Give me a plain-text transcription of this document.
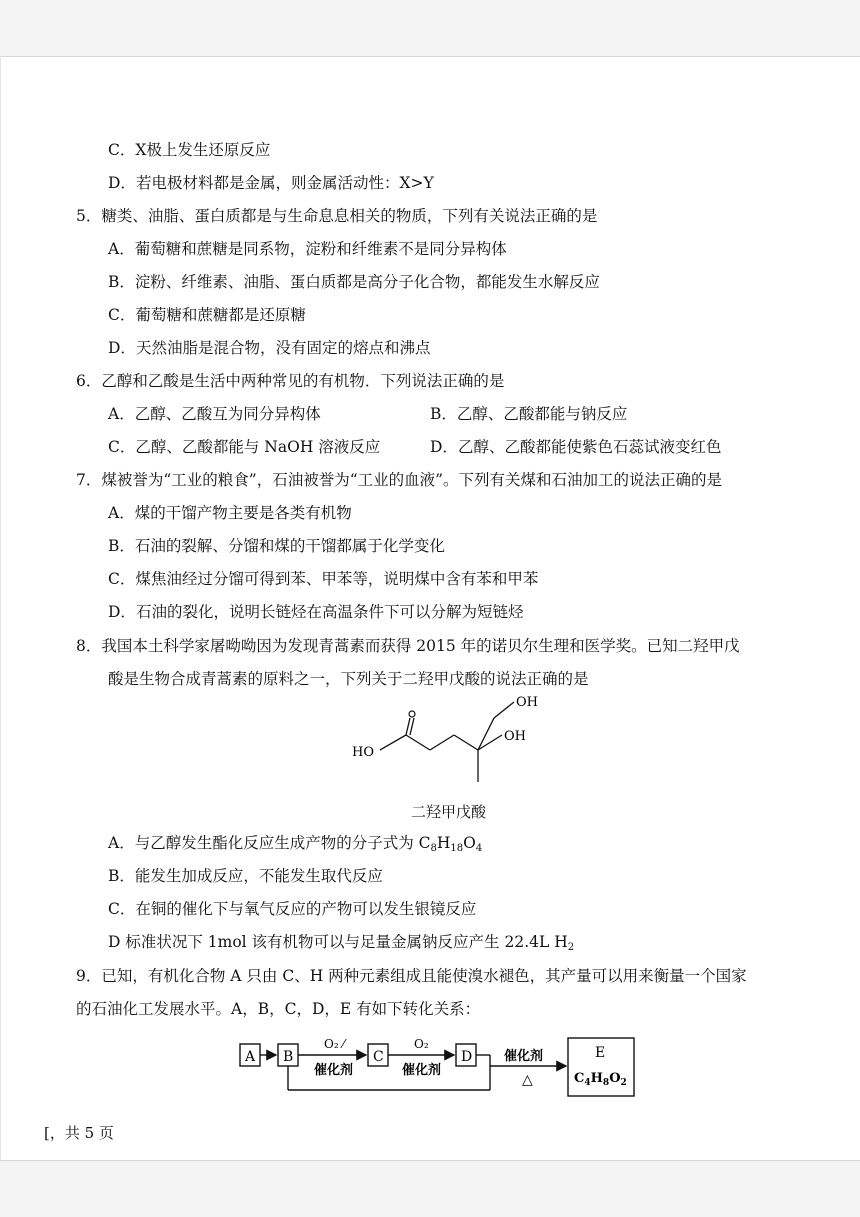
C．X极上发生还原反应
D．若电极材料都是金属，则金属活动性：X>Y
5．糖类、油脂、蛋白质都是与生命息息相关的物质，下列有关说法正确的是
A．葡萄糖和蔗糖是同系物，淀粉和纤维素不是同分异构体
B．淀粉、纤维素、油脂、蛋白质都是高分子化合物，都能发生水解反应
C．葡萄糖和蔗糖都是还原糖
D．天然油脂是混合物，没有固定的熔点和沸点
6．乙醇和乙酸是生活中两种常见的有机物．下列说法正确的是
A．乙醇、乙酸互为同分异构体	B．乙醇、乙酸都能与钠反应
C．乙醇、乙酸都能与 NaOH 溶液反应	D．乙醇、乙酸都能使紫色石蕊试液变红色
7．煤被誉为“工业的粮食”，石油被誉为“工业的血液”。下列有关煤和石油加工的说法正确的是
A．煤的干馏产物主要是各类有机物
B．石油的裂解、分馏和煤的干馏都属于化学变化
C．煤焦油经过分馏可得到苯、甲苯等，说明煤中含有苯和甲苯
D．石油的裂化，说明长链烃在高温条件下可以分解为短链烃
8．我国本土科学家屠呦呦因为发现青蒿素而获得 2015 年的诺贝尔生理和医学奖。已知二羟甲戊
酸是生物合成青蒿素的原料之一，下列关于二羟甲戊酸的说法正确的是
HO
OH
OH
二羟甲戊酸
A．与乙醇发生酯化反应生成产物的分子式为 $C_8H_{18}O_4$
B．能发生加成反应，不能发生取代反应
C．在铜的催化下与氧气反应的产物可以发生银镜反应
D 标准状况下 1mol 该有机物可以与足量金属钠反应产生 22.4L $H_2$
9．已知，有机化合物 A 只由 C、H 两种元素组成且能使溴水褪色，其产量可以用来衡量一个国家
的石油化工发展水平。A，B，C，D，E 有如下转化关系：
A B	C	D	E
$C_4H_8O_2$
O₂ ⁄	O₂
催化剂	催化剂
催化剂
△
[，共 5 页
